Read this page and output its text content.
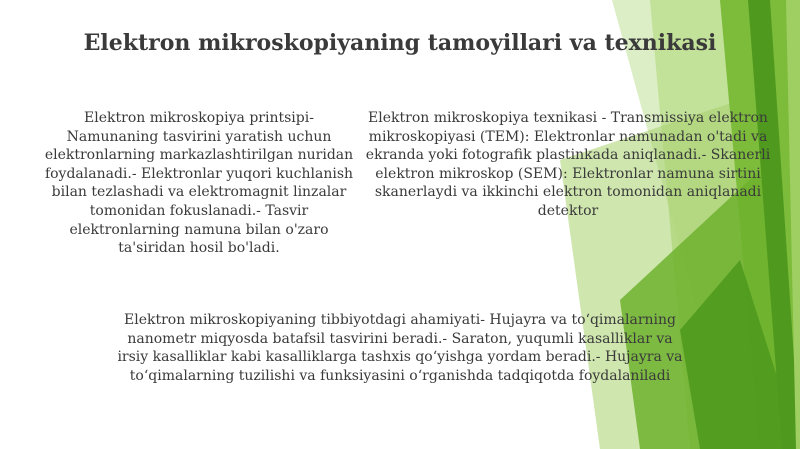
Elektron mikroskopiyaning tamoyillari va texnikasi

Elektron mikroskopiya printsipi- Namunaning tasvirini yaratish uchun elektronlarning markazlashtirilgan nuridan foydalanadi.- Elektronlar yuqori kuchlanish bilan tezlashadi va elektromagnit linzalar tomonidan fokuslanadi.- Tasvir elektronlarning namuna bilan o'zaro ta'siridan hosil bo'ladi.

Elektron mikroskopiya texnikasi - Transmissiya elektron mikroskopiyasi (TEM): Elektronlar namunadan o'tadi va ekranda yoki fotografik plastinkada aniqlanadi.- Skanerli elektron mikroskop (SEM): Elektronlar namuna sirtini skanerlaydi va ikkinchi elektron tomonidan aniqlanadi detektor

Elektron mikroskopiyaning tibbiyotdagi ahamiyati- Hujayra va to‘qimalarning nanometr miqyosda batafsil tasvirini beradi.- Saraton, yuqumli kasalliklar va irsiy kasalliklar kabi kasalliklarga tashxis qo‘yishga yordam beradi.- Hujayra va to‘qimalarning tuzilishi va funksiyasini o‘rganishda tadqiqotda foydalaniladi
